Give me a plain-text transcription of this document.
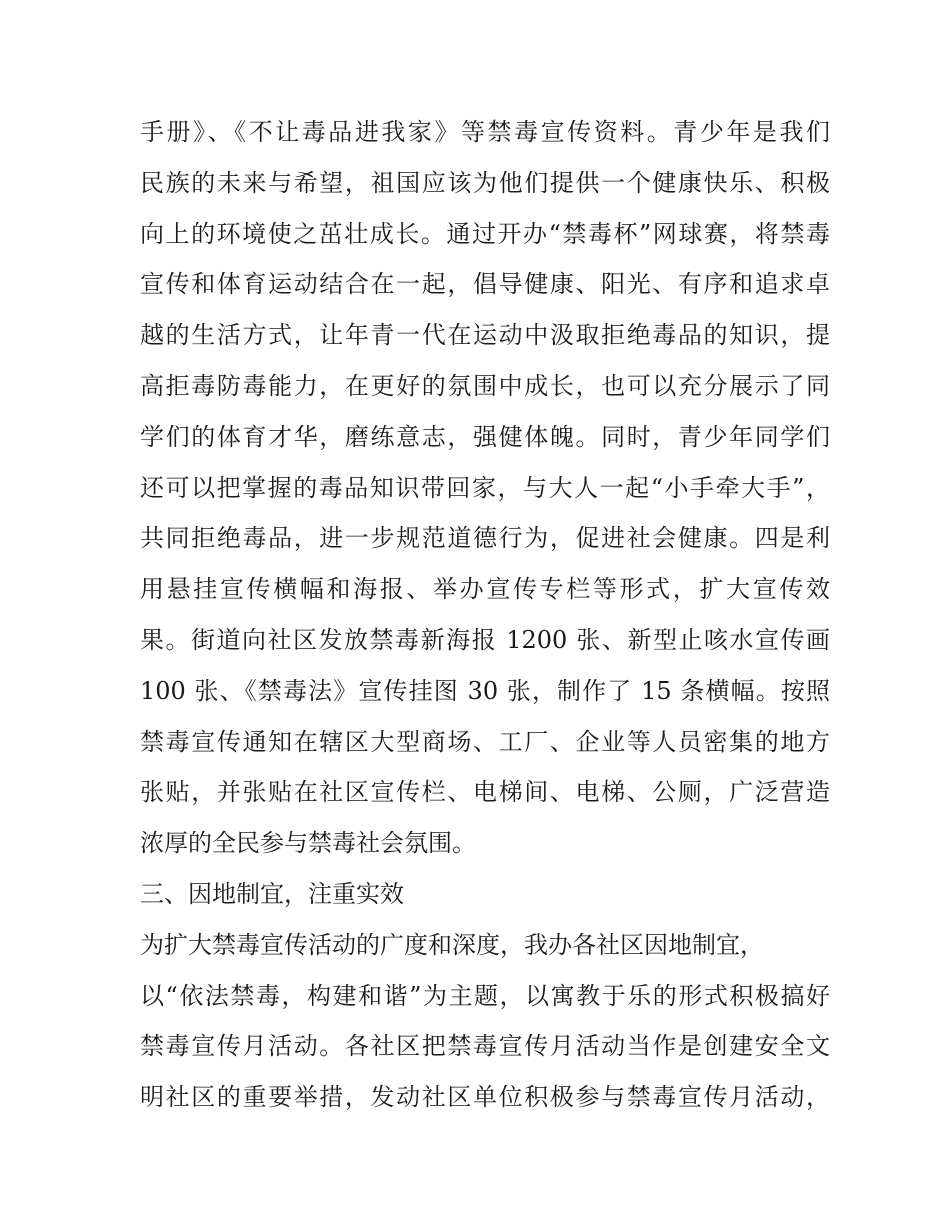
手册》、《不让毒品进我家》等禁毒宣传资料。青少年是我们
民族的未来与希望，祖国应该为他们提供一个健康快乐、积极
向上的环境使之茁壮成长。通过开办“禁毒杯”网球赛，将禁毒
宣传和体育运动结合在一起，倡导健康、阳光、有序和追求卓
越的生活方式，让年青一代在运动中汲取拒绝毒品的知识，提
高拒毒防毒能力，在更好的氛围中成长，也可以充分展示了同
学们的体育才华，磨练意志，强健体魄。同时，青少年同学们
还可以把掌握的毒品知识带回家，与大人一起“小手牵大手”，
共同拒绝毒品，进一步规范道德行为，促进社会健康。四是利
用悬挂宣传横幅和海报、举办宣传专栏等形式，扩大宣传效
果。街道向社区发放禁毒新海报 1200 张、新型止咳水宣传画
100 张、《禁毒法》宣传挂图 30 张，制作了 15 条横幅。按照
禁毒宣传通知在辖区大型商场、工厂、企业等人员密集的地方
张贴，并张贴在社区宣传栏、电梯间、电梯、公厕，广泛营造
浓厚的全民参与禁毒社会氛围。
三、因地制宜，注重实效
为扩大禁毒宣传活动的广度和深度，我办各社区因地制宜，
以“依法禁毒，构建和谐”为主题，以寓教于乐的形式积极搞好
禁毒宣传月活动。各社区把禁毒宣传月活动当作是创建安全文
明社区的重要举措，发动社区单位积极参与禁毒宣传月活动，
